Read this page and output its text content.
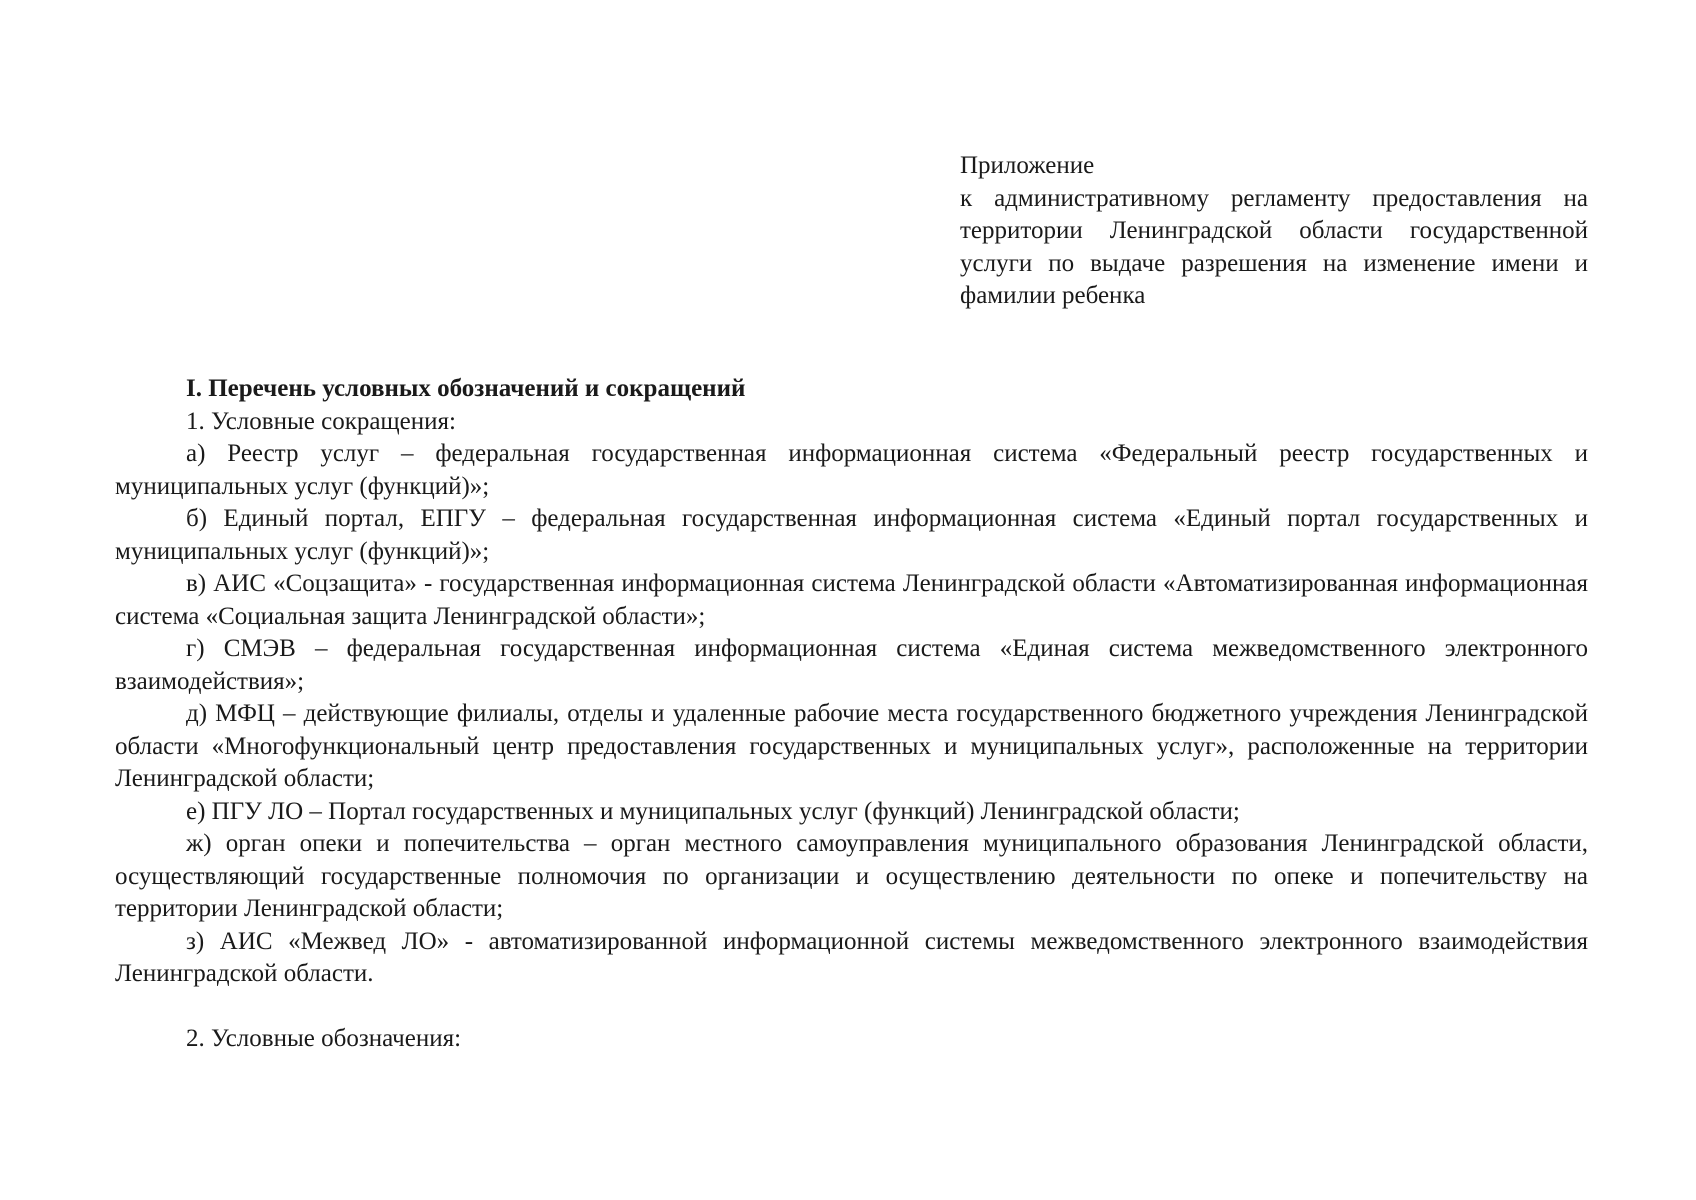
Приложение
к административному регламенту предоставления на территории Ленинградской области государственной услуги по выдаче разрешения на изменение имени и фамилии ребенка
I. Перечень условных обозначений и сокращений

1. Условные сокращения:

а) Реестр услуг – федеральная государственная информационная система «Федеральный реестр государственных и муниципальных услуг (функций)»;

б) Единый портал, ЕПГУ – федеральная государственная информационная система «Единый портал государственных и муниципальных услуг (функций)»;

в) АИС «Соцзащита» - государственная информационная система Ленинградской области «Автоматизированная информационная система «Социальная защита Ленинградской области»;

г) СМЭВ – федеральная государственная информационная система «Единая система межведомственного электронного взаимодействия»;

д) МФЦ – действующие филиалы, отделы и удаленные рабочие места государственного бюджетного учреждения Ленинградской области «Многофункциональный центр предоставления государственных и муниципальных услуг», расположенные на территории Ленинградской области;

е) ПГУ ЛО – Портал государственных и муниципальных услуг (функций) Ленинградской области;

ж) орган опеки и попечительства – орган местного самоуправления муниципального образования Ленинградской области, осуществляющий государственные полномочия по организации и осуществлению деятельности по опеке и попечительству на территории Ленинградской области;

з) АИС «Межвед ЛО» - автоматизированной информационной системы межведомственного электронного взаимодействия Ленинградской области.

2. Условные обозначения:
